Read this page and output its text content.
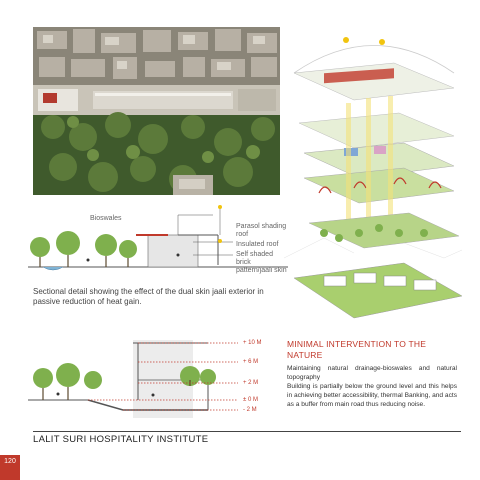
Bioswales
Parasol shading roof
Insulated roof
Self shaded brick pattern/jaali skin
Sectional detail showing the effect of the dual skin jaali exterior in passive reduction of heat gain.
+ 10 M
+ 6 M
+ 2 M
± 0 M
- 2 M
MINIMAL INTERVENTION TO THE NATURE
Maintaining natural drainage-bioswales and natural topography
Building is partially below the ground level and this helps in achieving better accessibility, thermal Banking, and acts as a buffer from main road thus reducing noise.
LALIT SURI HOSPITALITY INSTITUTE
120
